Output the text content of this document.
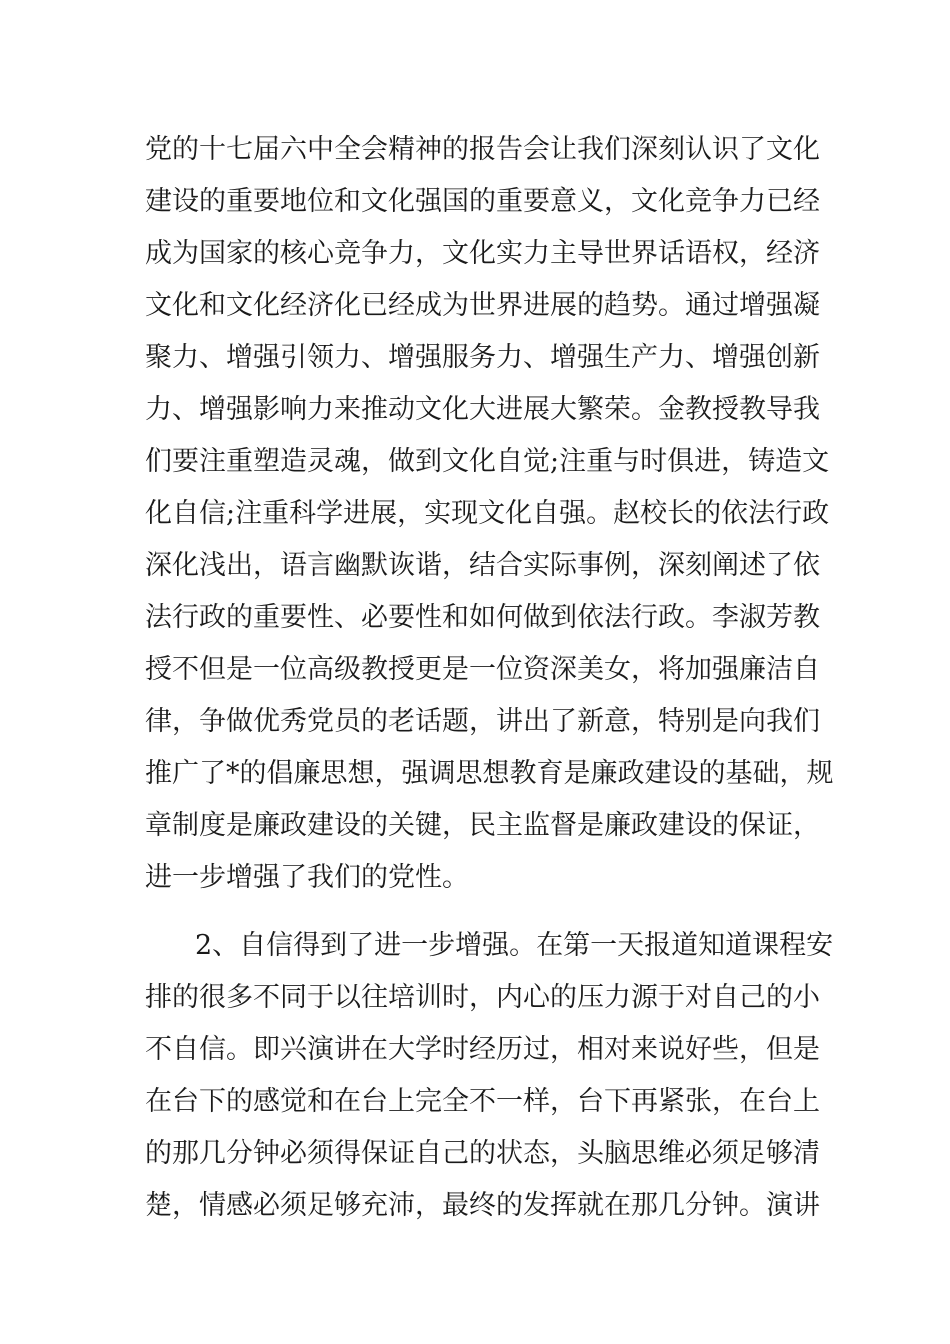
党的十七届六中全会精神的报告会让我们深刻认识了文化

建设的重要地位和文化强国的重要意义，文化竞争力已经

成为国家的核心竞争力，文化实力主导世界话语权，经济

文化和文化经济化已经成为世界进展的趋势。通过增强凝

聚力、增强引领力、增强服务力、增强生产力、增强创新

力、增强影响力来推动文化大进展大繁荣。金教授教导我

们要注重塑造灵魂，做到文化自觉;注重与时俱进，铸造文

化自信;注重科学进展，实现文化自强。赵校长的依法行政

深化浅出，语言幽默诙谐，结合实际事例，深刻阐述了依

法行政的重要性、必要性和如何做到依法行政。李淑芳教

授不但是一位高级教授更是一位资深美女，将加强廉洁自

律，争做优秀党员的老话题，讲出了新意，特别是向我们

推广了*的倡廉思想，强调思想教育是廉政建设的基础，规

章制度是廉政建设的关键，民主监督是廉政建设的保证，

进一步增强了我们的党性。

2、自信得到了进一步增强。在第一天报道知道课程安

排的很多不同于以往培训时，内心的压力源于对自己的小

不自信。即兴演讲在大学时经历过，相对来说好些，但是

在台下的感觉和在台上完全不一样，台下再紧张，在台上

的那几分钟必须得保证自己的状态，头脑思维必须足够清

楚，情感必须足够充沛，最终的发挥就在那几分钟。演讲
